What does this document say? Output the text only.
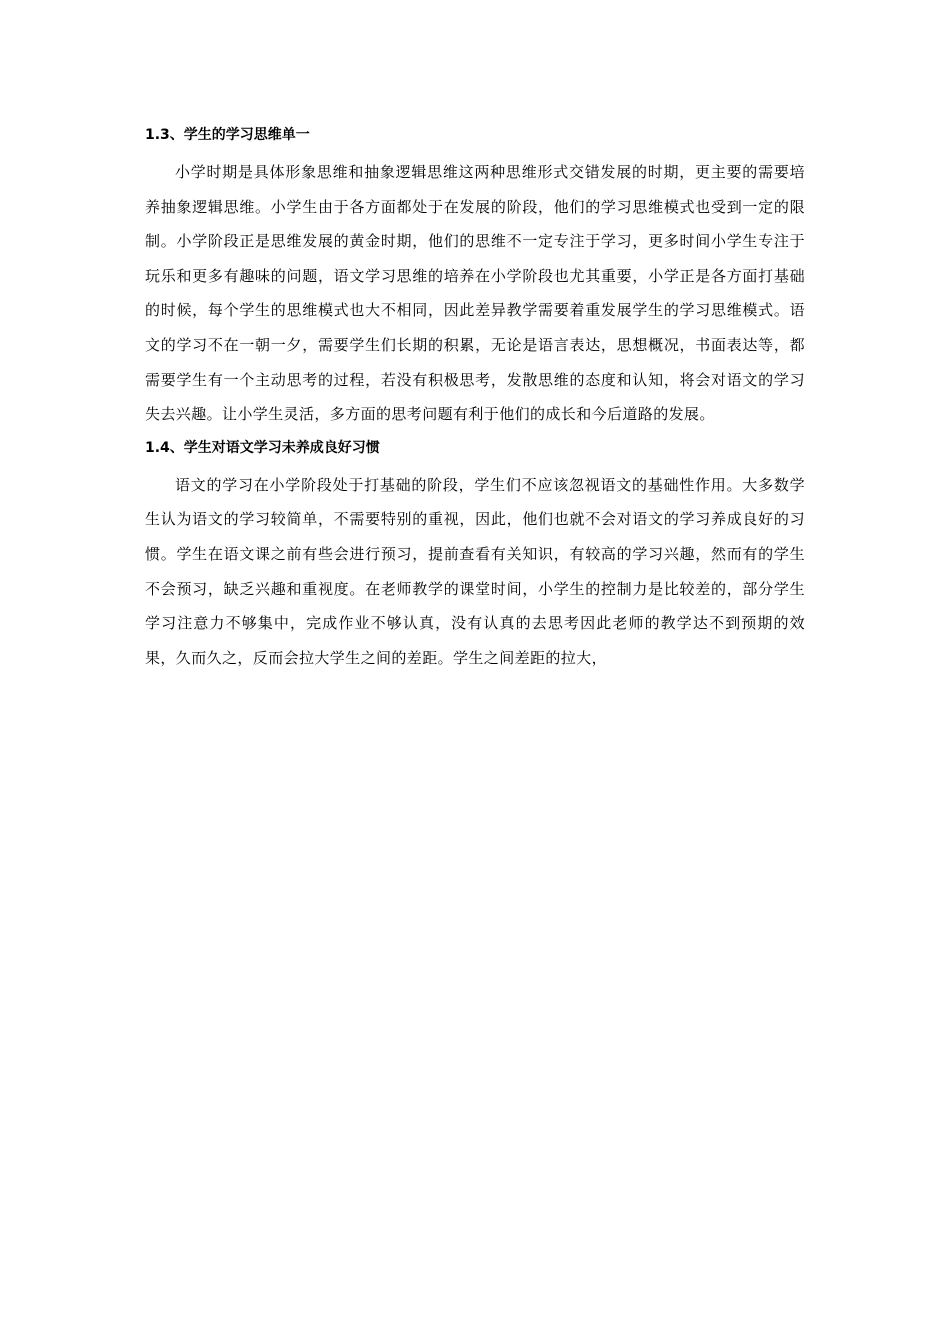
1.3、学生的学习思维单一

小学时期是具体形象思维和抽象逻辑思维这两种思维形式交错发展的时期，更主要的需要培养抽象逻辑思维。小学生由于各方面都处于在发展的阶段，他们的学习思维模式也受到一定的限制。小学阶段正是思维发展的黄金时期，他们的思维不一定专注于学习，更多时间小学生专注于玩乐和更多有趣味的问题，语文学习思维的培养在小学阶段也尤其重要，小学正是各方面打基础的时候，每个学生的思维模式也大不相同，因此差异教学需要着重发展学生的学习思维模式。语文的学习不在一朝一夕，需要学生们长期的积累，无论是语言表达，思想概况，书面表达等，都需要学生有一个主动思考的过程，若没有积极思考，发散思维的态度和认知，将会对语文的学习失去兴趣。让小学生灵活，多方面的思考问题有利于他们的成长和今后道路的发展。

1.4、学生对语文学习未养成良好习惯

语文的学习在小学阶段处于打基础的阶段，学生们不应该忽视语文的基础性作用。大多数学生认为语文的学习较简单，不需要特别的重视，因此，他们也就不会对语文的学习养成良好的习惯。学生在语文课之前有些会进行预习，提前查看有关知识，有较高的学习兴趣，然而有的学生不会预习，缺乏兴趣和重视度。在老师教学的课堂时间，小学生的控制力是比较差的，部分学生学习注意力不够集中，完成作业不够认真，没有认真的去思考因此老师的教学达不到预期的效果，久而久之，反而会拉大学生之间的差距。学生之间差距的拉大，
